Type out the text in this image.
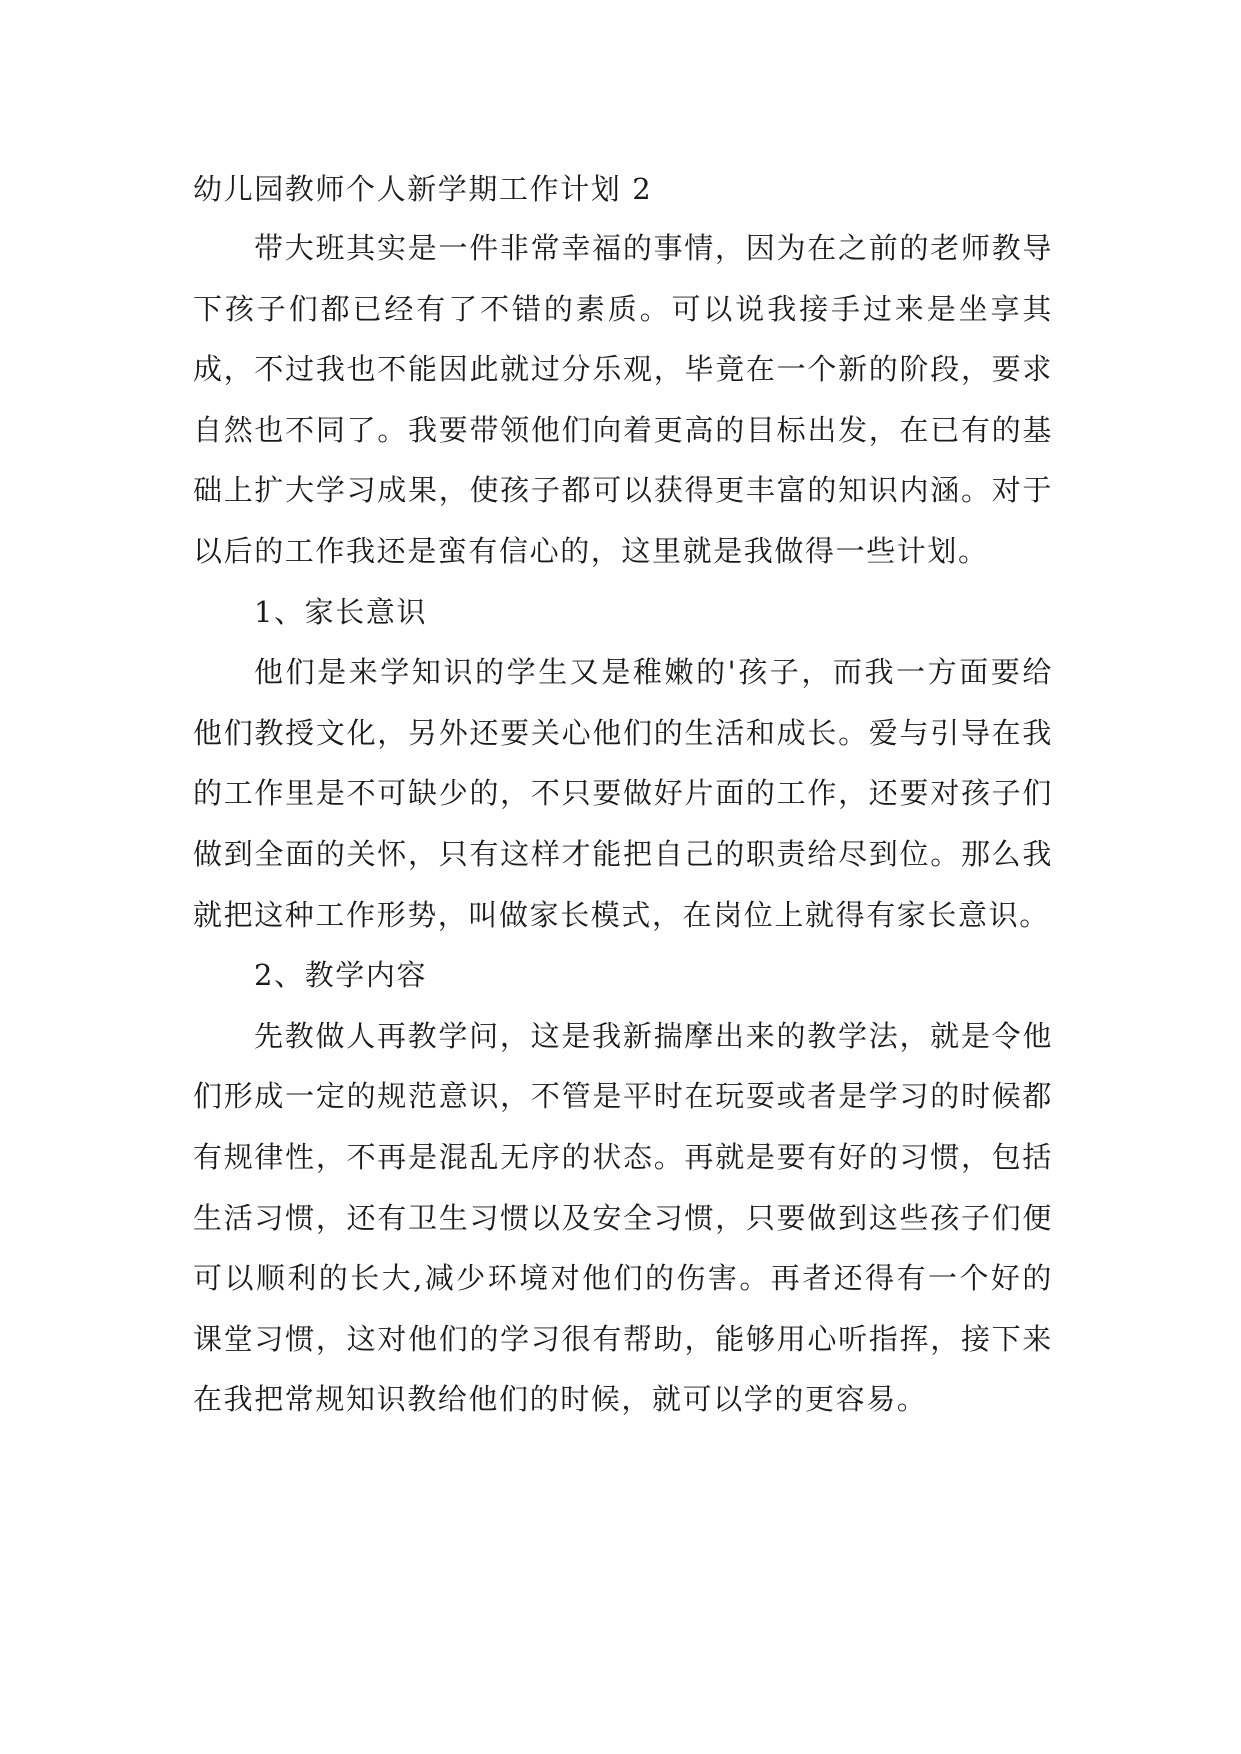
幼儿园教师个人新学期工作计划 2

带大班其实是一件非常幸福的事情，因为在之前的老师教导下孩子们都已经有了不错的素质。可以说我接手过来是坐享其成，不过我也不能因此就过分乐观，毕竟在一个新的阶段，要求自然也不同了。我要带领他们向着更高的目标出发，在已有的基础上扩大学习成果，使孩子都可以获得更丰富的知识内涵。对于以后的工作我还是蛮有信心的，这里就是我做得一些计划。

1、家长意识

他们是来学知识的学生又是稚嫩的'孩子，而我一方面要给他们教授文化，另外还要关心他们的生活和成长。爱与引导在我的工作里是不可缺少的，不只要做好片面的工作，还要对孩子们做到全面的关怀，只有这样才能把自己的职责给尽到位。那么我就把这种工作形势，叫做家长模式，在岗位上就得有家长意识。

2、教学内容

先教做人再教学问，这是我新揣摩出来的教学法，就是令他们形成一定的规范意识，不管是平时在玩耍或者是学习的时候都有规律性，不再是混乱无序的状态。再就是要有好的习惯，包括生活习惯，还有卫生习惯以及安全习惯，只要做到这些孩子们便可以顺利的长大,减少环境对他们的伤害。再者还得有一个好的课堂习惯，这对他们的学习很有帮助，能够用心听指挥，接下来在我把常规知识教给他们的时候，就可以学的更容易。
